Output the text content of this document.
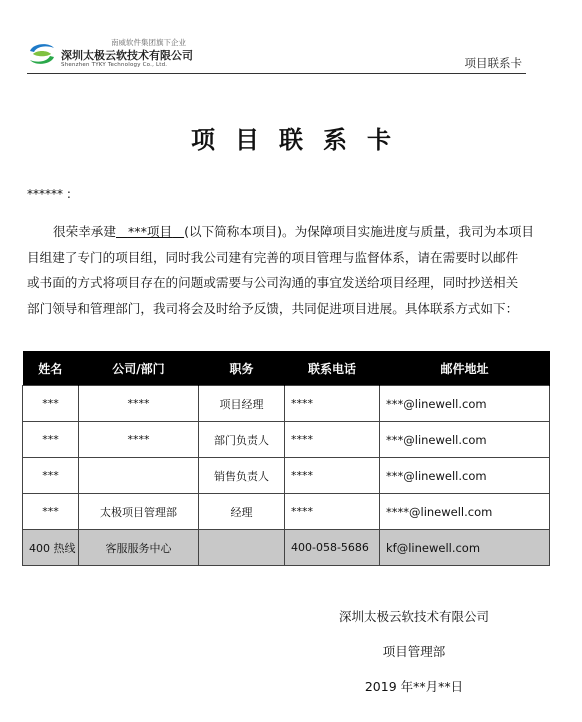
南威软件集团旗下企业
深圳太极云软技术有限公司
Shenzhen TYKY Technology Co., Ltd.	项目联系卡
项目联系卡
****** :
很荣幸承建 ***项目 (以下简称本项目)。为保障项目实施进度与质量，我司为本项目
目组建了专门的项目组，同时我公司建有完善的项目管理与监督体系，请在需要时以邮件
或书面的方式将项目存在的问题或需要与公司沟通的事宜发送给项目经理，同时抄送相关
部门领导和管理部门，我司将会及时给予反馈，共同促进项目进展。具体联系方式如下：
姓名	公司/部门	职务	联系电话	邮件地址
***	****	项目经理	****	***@linewell.com
***	****	部门负责人	****	***@linewell.com
***		销售负责人	****	***@linewell.com
***	太极项目管理部	经理	****	****@linewell.com
400 热线	客服服务中心		400-058-5686	kf@linewell.com
深圳太极云软技术有限公司
项目管理部
2019 年**月**日
